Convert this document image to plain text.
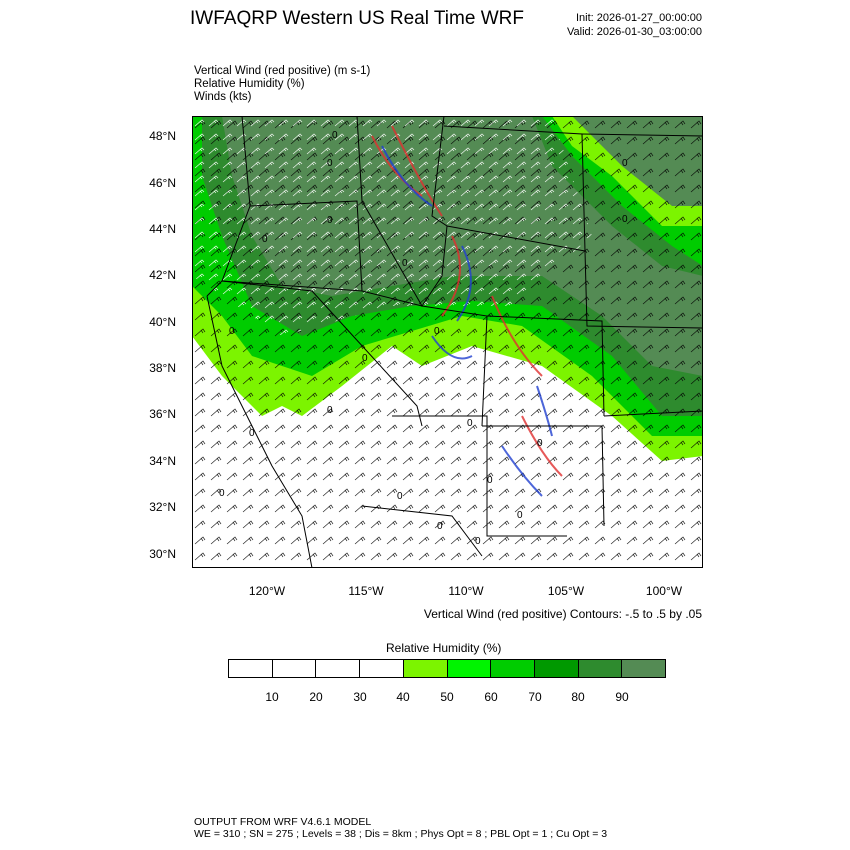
IWFAQRP Western US Real Time WRF	Init: 2026-01-27_00:00:00
Valid: 2026-01-30_03:00:00
Vertical Wind (red positive) (m s-1)
Relative Humidity (%)
Winds (kts)
48°N
46°N
44°N
42°N
40°N
38°N
36°N
34°N
32°N
30°N
120°W	115°W	110°W	105°W	100°W
0
0	0
0	0
0
0
0
0
0
0
0
0
0
0	0
0
0
0
0
Vertical Wind (red positive) Contours: -.5 to .5 by .05
Relative Humidity (%)
10	20	30	40	50	60	70	80	90
OUTPUT FROM WRF V4.6.1 MODEL
WE = 310 ; SN = 275 ; Levels = 38 ; Dis = 8km ; Phys Opt = 8 ; PBL Opt = 1 ; Cu Opt = 3
